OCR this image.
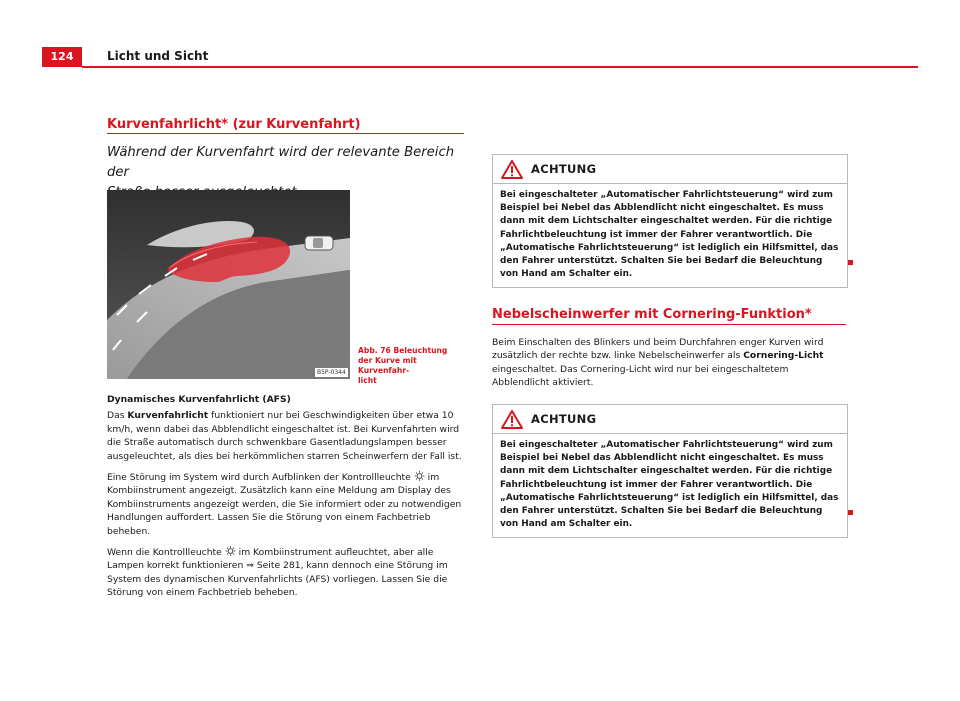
124	Licht und Sicht
Kurvenfahrlicht* (zur Kurvenfahrt)
Während der Kurvenfahrt wird der relevante Bereich der
B5P-0344
Abb. 76 Beleuchtung
der Kurve mit Kurvenfahr-
licht

Dynamisches Kurvenfahrlicht (AFS)

Das Kurvenfahrlicht funktioniert nur bei Geschwindigkeiten über etwa 10 km/h, wenn dabei das Abblendlicht eingeschaltet ist. Bei Kurvenfahrten wird die Straße automatisch durch schwenkbare Gasentladungslampen besser ausgeleuchtet, als dies bei herkömmlichen starren Scheinwerfern der Fall ist.

Eine Störung im System wird durch Aufblinken der Kontrollleuchte  im Kombiinstrument angezeigt. Zusätzlich kann eine Meldung am Display des Kombiinstruments angezeigt werden, die Sie informiert oder zu notwendigen Handlungen auffordert. Lassen Sie die Störung von einem Fachbetrieb beheben.

Wenn die Kontrollleuchte  im Kombiinstrument aufleuchtet, aber alle Lampen korrekt funktionieren ⇒ Seite 281, kann dennoch eine Störung im System des dynamischen Kurvenfahrlichts (AFS) vorliegen. Lassen Sie die Störung von einem Fachbetrieb beheben.

ACHTUNG
Bei eingeschalteter „Automatischer Fahrlichtsteuerung“ wird zum Beispiel bei Nebel das Abblendlicht nicht eingeschaltet. Es muss dann mit dem Lichtschalter eingeschaltet werden. Für die richtige Fahrlichtbeleuchtung ist immer der Fahrer verantwortlich. Die „Automatische Fahrlichtsteuerung“ ist lediglich ein Hilfsmittel, das den Fahrer unterstützt. Schalten Sie bei Bedarf die Beleuchtung von Hand am Schalter ein.
Nebelscheinwerfer mit Cornering-Funktion*

Beim Einschalten des Blinkers und beim Durchfahren enger Kurven wird zusätzlich der rechte bzw. linke Nebelscheinwerfer als Cornering-Licht eingeschaltet. Das Cornering-Licht wird nur bei eingeschaltetem Abblendlicht aktiviert.

ACHTUNG
Bei eingeschalteter „Automatischer Fahrlichtsteuerung“ wird zum Beispiel bei Nebel das Abblendlicht nicht eingeschaltet. Es muss dann mit dem Lichtschalter eingeschaltet werden. Für die richtige Fahrlichtbeleuchtung ist immer der Fahrer verantwortlich. Die „Automatische Fahrlichtsteuerung“ ist lediglich ein Hilfsmittel, das den Fahrer unterstützt. Schalten Sie bei Bedarf die Beleuchtung von Hand am Schalter ein.
